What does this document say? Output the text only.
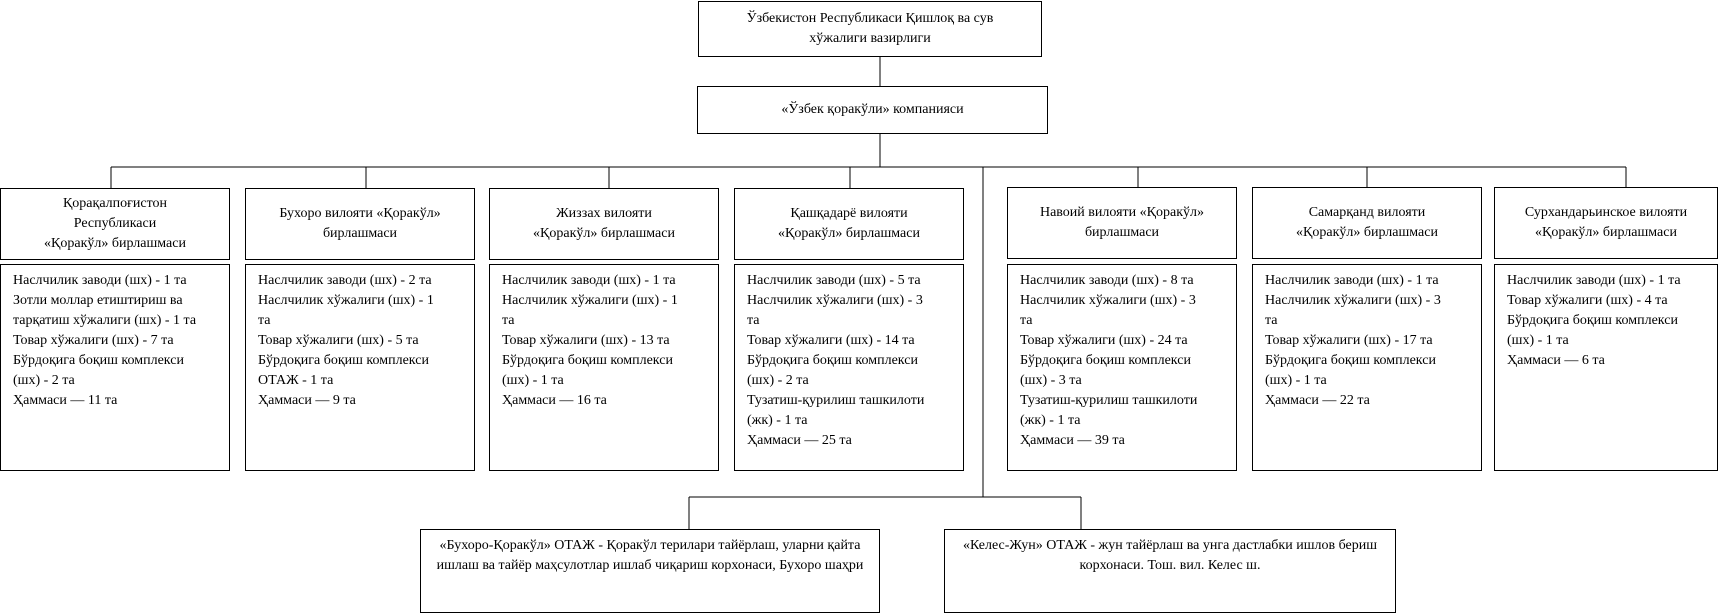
Ўзбекистон Республикаси Қишлоқ ва сув
хўжалиги вазирлиги
«Ўзбек қоракўли» компанияси
Қорақалпоғистон
Республикаси
«Қоракўл» бирлашмаси
Наслчилик заводи (шх) - 1 та
Зотли моллар етиштириш ва
тарқатиш хўжалиги (шх) - 1 та
Товар хўжалиги (шх) - 7 та
Бўрдоқига боқиш комплекси
(шх) - 2 та
Ҳаммаси — 11 та
Бухоро вилояти «Қоракўл»
бирлашмаси
Наслчилик заводи (шх) - 2 та
Наслчилик хўжалиги (шх) - 1
та
Товар хўжалиги (шх) - 5 та
Бўрдоқига боқиш комплекси
ОТАЖ - 1 та
Ҳаммаси — 9 та
Жиззах вилояти
«Қоракўл» бирлашмаси
Наслчилик заводи (шх) - 1 та
Наслчилик хўжалиги (шх) - 1
та
Товар хўжалиги (шх) - 13 та
Бўрдоқига боқиш комплекси
(шх) - 1 та
Ҳаммаси — 16 та
Қашқадарё вилояти
«Қоракўл» бирлашмаси
Наслчилик заводи (шх) - 5 та
Наслчилик хўжалиги (шх) - 3
та
Товар хўжалиги (шх) - 14 та
Бўрдоқига боқиш комплекси
(шх) - 2 та
Тузатиш-қурилиш ташкилоти
(жк) - 1 та
Ҳаммаси — 25 та
Навоий вилояти «Қоракўл»
бирлашмаси
Наслчилик заводи (шх) - 8 та
Наслчилик хўжалиги (шх) - 3
та
Товар хўжалиги (шх) - 24 та
Бўрдоқига боқиш комплекси
(шх) - 3 та
Тузатиш-қурилиш ташкилоти
(жк) - 1 та
Ҳаммаси — 39 та
Самарқанд вилояти
«Қоракўл» бирлашмаси
Наслчилик заводи (шх) - 1 та
Наслчилик хўжалиги (шх) - 3
та
Товар хўжалиги (шх) - 17 та
Бўрдоқига боқиш комплекси
(шх) - 1 та
Ҳаммаси — 22 та
Сурхандарьинское вилояти
«Қоракўл» бирлашмаси
Наслчилик заводи (шх) - 1 та
Товар хўжалиги (шх) - 4 та
Бўрдоқига боқиш комплекси
(шх) - 1 та
Ҳаммаси — 6 та
«Бухоро-Қоракўл» ОТАЖ - Қоракўл терилари тайёрлаш, уларни қайта ишлаш ва тайёр маҳсулотлар ишлаб чиқариш корхонаси, Бухоро шаҳри
«Келес-Жун» ОТАЖ - жун тайёрлаш ва унга дастлабки ишлов бериш корхонаси. Тош. вил. Келес ш.
